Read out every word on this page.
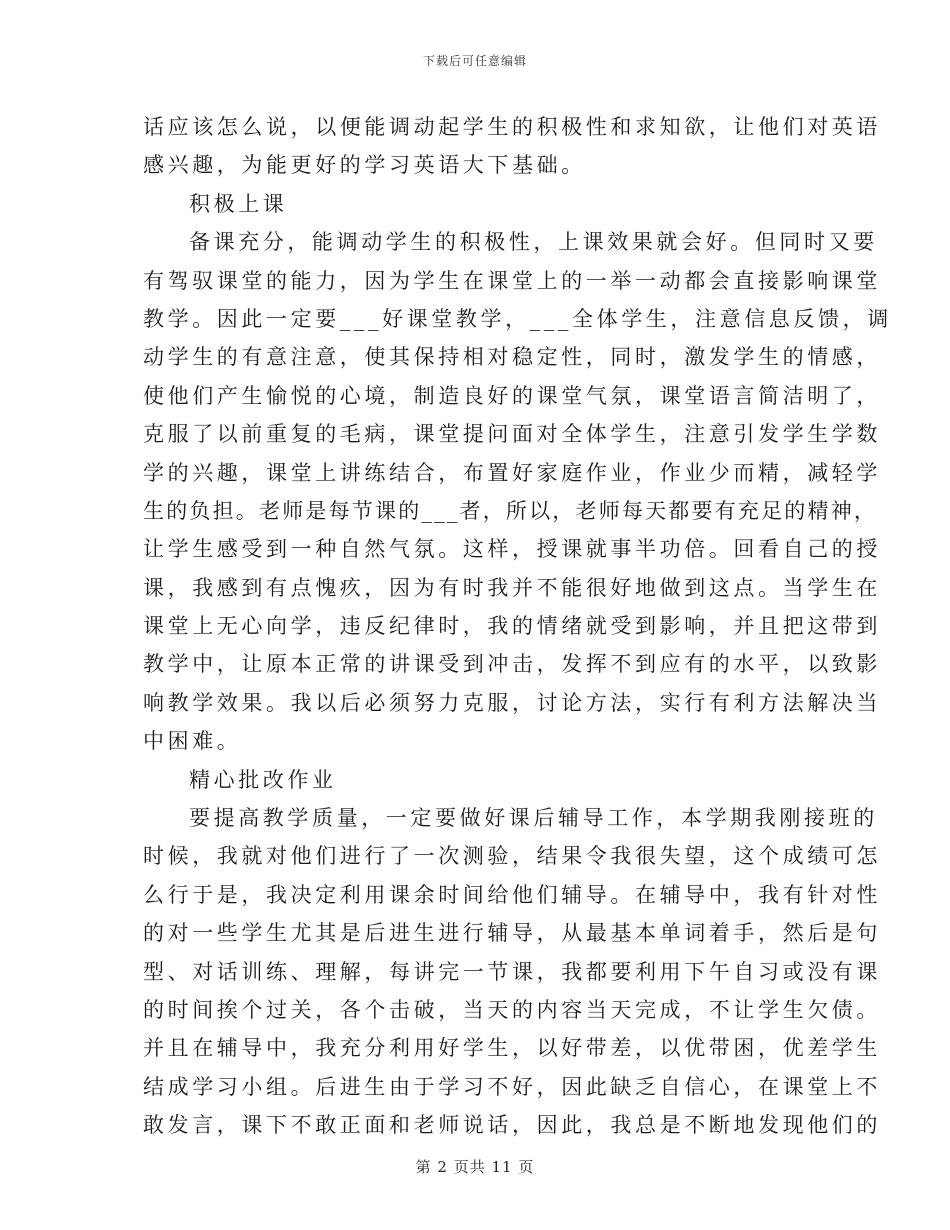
下载后可任意编辑
话应该怎么说，以便能调动起学生的积极性和求知欲，让他们对英语
感兴趣，为能更好的学习英语大下基础。
积极上课
备课充分，能调动学生的积极性，上课效果就会好。但同时又要
有驾驭课堂的能力，因为学生在课堂上的一举一动都会直接影响课堂
教学。因此一定要___好课堂教学，___全体学生，注意信息反馈，调
动学生的有意注意，使其保持相对稳定性，同时，激发学生的情感，
使他们产生愉悦的心境，制造良好的课堂气氛，课堂语言简洁明了，
克服了以前重复的毛病，课堂提问面对全体学生，注意引发学生学数
学的兴趣，课堂上讲练结合，布置好家庭作业，作业少而精，减轻学
生的负担。老师是每节课的___者，所以，老师每天都要有充足的精神，
让学生感受到一种自然气氛。这样，授课就事半功倍。回看自己的授
课，我感到有点愧疚，因为有时我并不能很好地做到这点。当学生在
课堂上无心向学，违反纪律时，我的情绪就受到影响，并且把这带到
教学中，让原本正常的讲课受到冲击，发挥不到应有的水平，以致影
响教学效果。我以后必须努力克服，讨论方法，实行有利方法解决当
中困难。
精心批改作业
要提高教学质量，一定要做好课后辅导工作，本学期我刚接班的
时候，我就对他们进行了一次测验，结果令我很失望，这个成绩可怎
么行于是，我决定利用课余时间给他们辅导。在辅导中，我有针对性
的对一些学生尤其是后进生进行辅导，从最基本单词着手，然后是句
型、对话训练、理解，每讲完一节课，我都要利用下午自习或没有课
的时间挨个过关，各个击破，当天的内容当天完成，不让学生欠债。
并且在辅导中，我充分利用好学生，以好带差，以优带困，优差学生
结成学习小组。后进生由于学习不好，因此缺乏自信心，在课堂上不
敢发言，课下不敢正面和老师说话，因此，我总是不断地发现他们的
第 2 页共 11 页
